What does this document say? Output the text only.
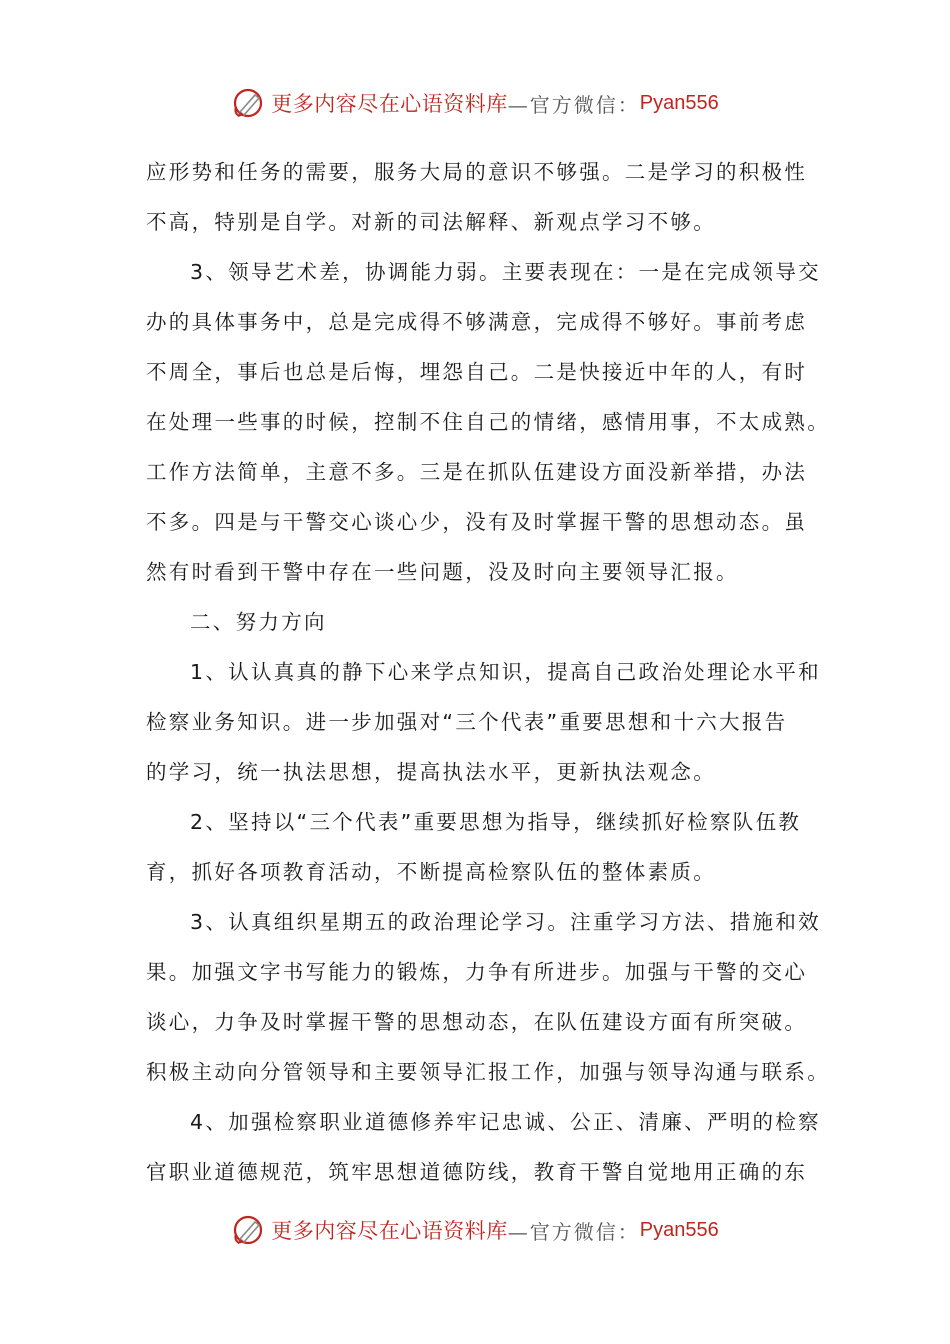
更多内容尽在心语资料库 —官方微信： Pyan556
应形势和任务的需要，服务大局的意识不够强。二是学习的积极性
不高，特别是自学。对新的司法解释、新观点学习不够。
3、领导艺术差，协调能力弱。主要表现在：一是在完成领导交
办的具体事务中，总是完成得不够满意，完成得不够好。事前考虑
不周全，事后也总是后悔，埋怨自己。二是快接近中年的人，有时
在处理一些事的时候，控制不住自己的情绪，感情用事，不太成熟。
工作方法简单，主意不多。三是在抓队伍建设方面没新举措，办法
不多。四是与干警交心谈心少，没有及时掌握干警的思想动态。虽
然有时看到干警中存在一些问题，没及时向主要领导汇报。
二、努力方向
1、认认真真的静下心来学点知识，提高自己政治处理论水平和
检察业务知识。进一步加强对“三个代表”重要思想和十六大报告
的学习，统一执法思想，提高执法水平，更新执法观念。
2、坚持以“三个代表”重要思想为指导，继续抓好检察队伍教
育，抓好各项教育活动，不断提高检察队伍的整体素质。
3、认真组织星期五的政治理论学习。注重学习方法、措施和效
果。加强文字书写能力的锻炼，力争有所进步。加强与干警的交心
谈心，力争及时掌握干警的思想动态，在队伍建设方面有所突破。
积极主动向分管领导和主要领导汇报工作，加强与领导沟通与联系。
4、加强检察职业道德修养牢记忠诚、公正、清廉、严明的检察
官职业道德规范，筑牢思想道德防线，教育干警自觉地用正确的东
更多内容尽在心语资料库 —官方微信： Pyan556
